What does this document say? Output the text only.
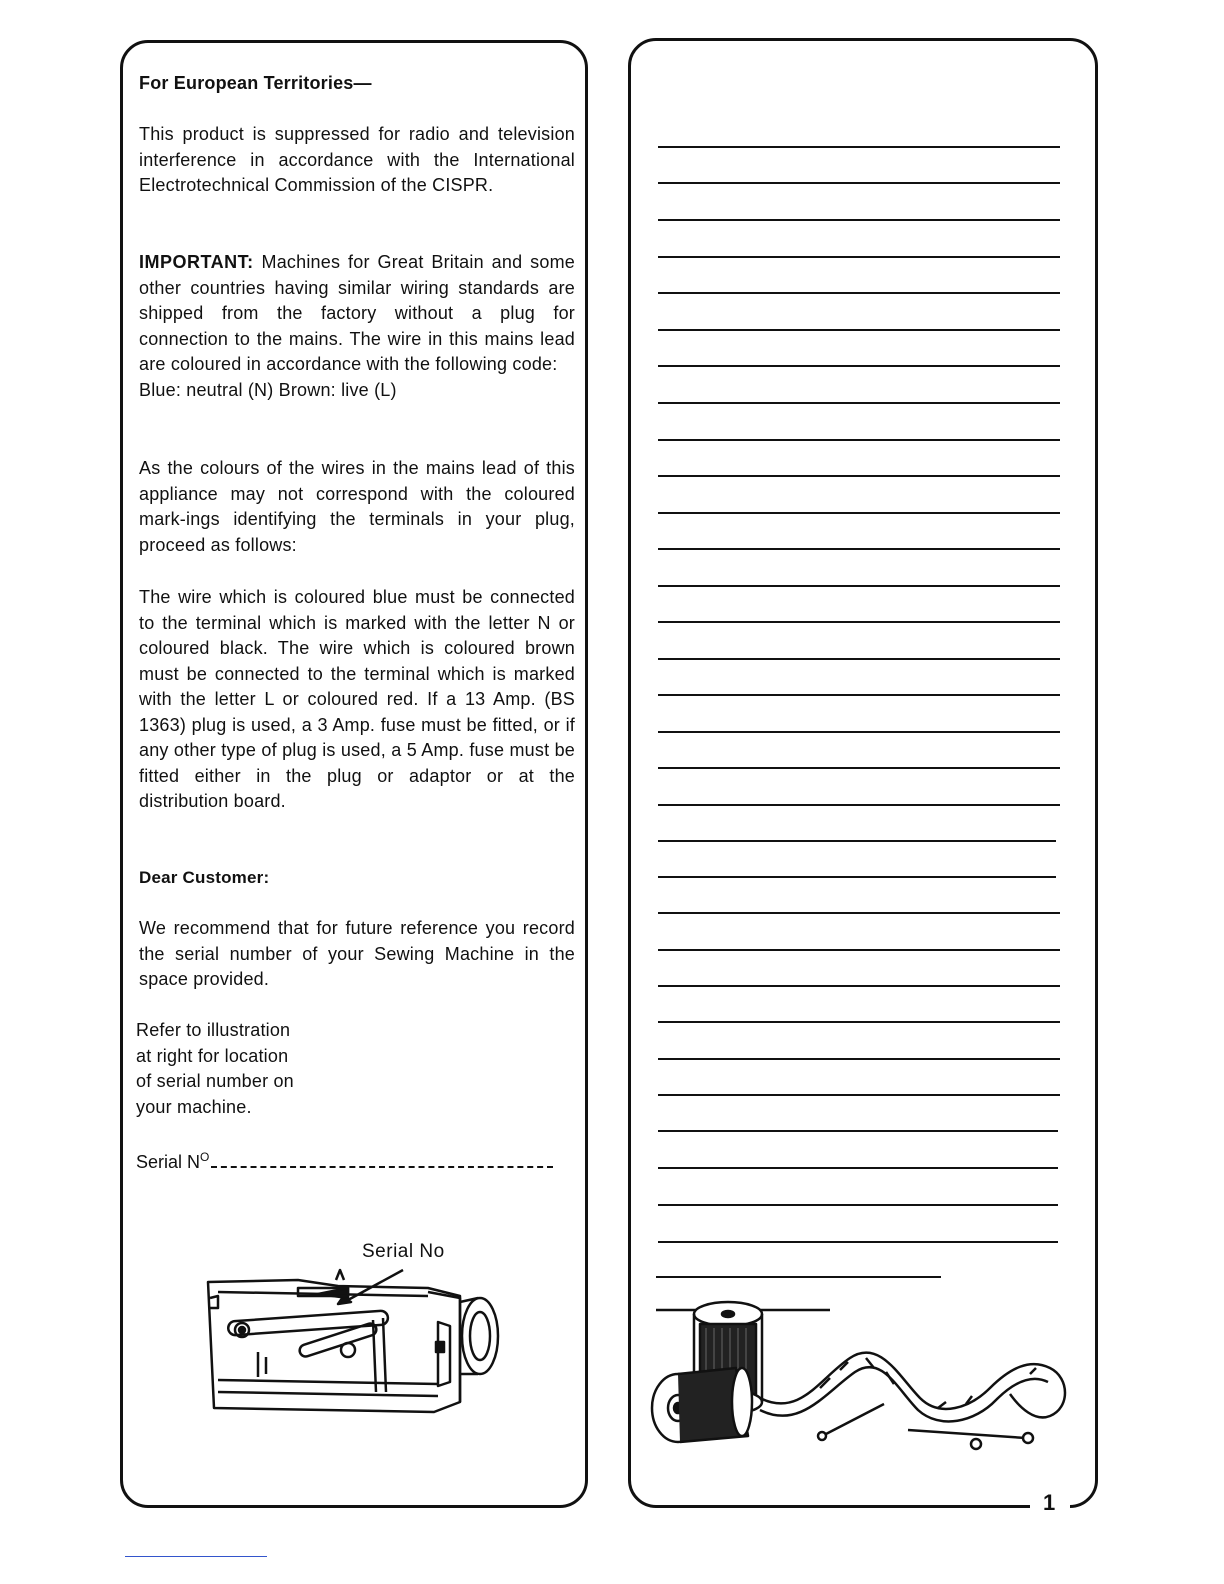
For European Territories—
This product is suppressed for radio and television interference in accordance with the International Electrotechnical Commission of the CISPR.
IMPORTANT: Machines for Great Britain and some other countries having similar wiring standards are shipped from the factory without a plug for connection to the mains. The wire in this mains lead are coloured in accordance with the following code:
Blue: neutral (N) Brown: live (L)
As the colours of the wires in the mains lead of this appliance may not correspond with the coloured mark-ings identifying the terminals in your plug, proceed as follows:
The wire which is coloured blue must be connected to the terminal which is marked with the letter N or coloured black. The wire which is coloured brown must be connected to the terminal which is marked with the letter L or coloured red. If a 13 Amp. (BS 1363) plug is used, a 3 Amp. fuse must be fitted, or if any other type of plug is used, a 5 Amp. fuse must be fitted either in the plug or adaptor or at the distribution board.
Dear Customer:
We recommend that for future reference you record the serial number of your Sewing Machine in the space provided.
Refer to illustration
at right for location
of serial number on
your machine.
Serial $N^O$
Serial No
1
